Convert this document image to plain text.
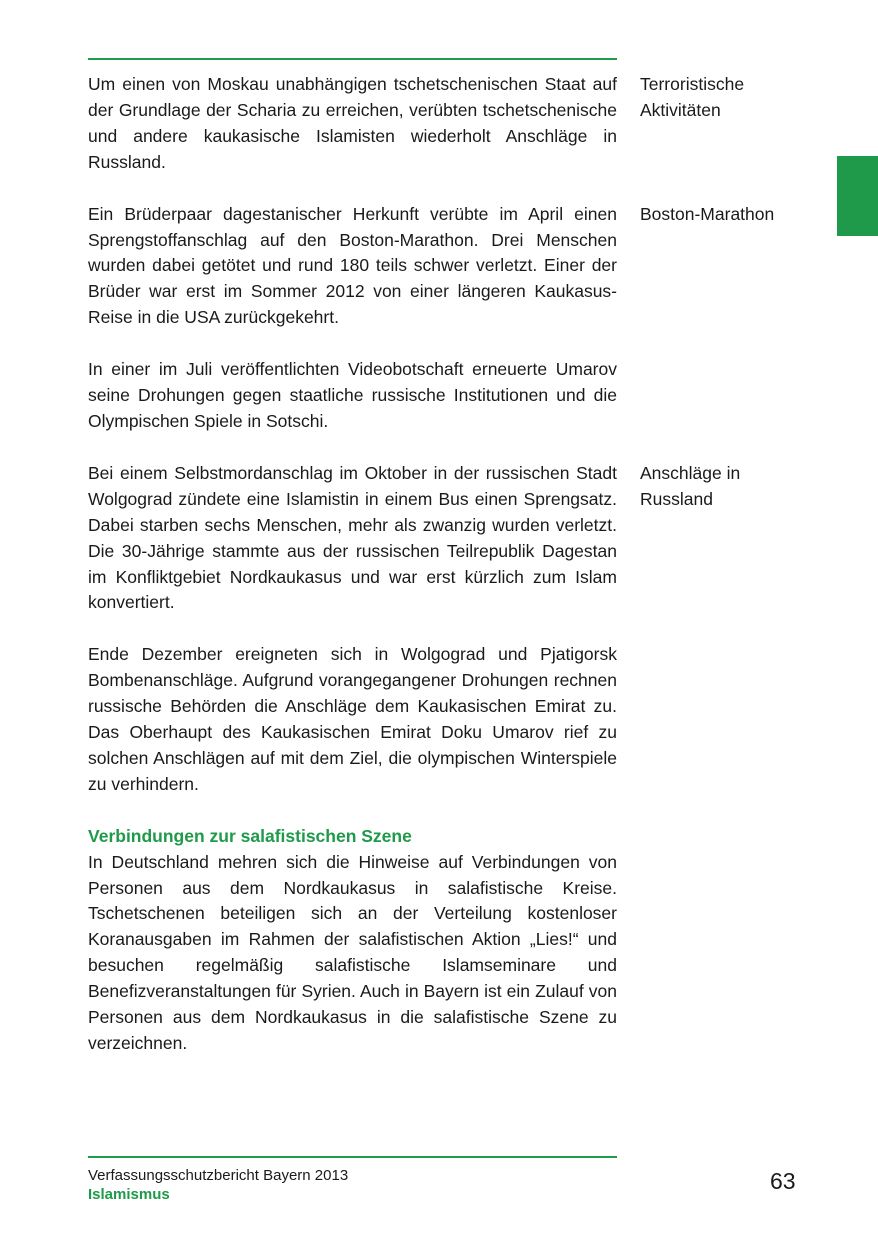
Um einen von Moskau unabhängigen tschetschenischen Staat auf der Grundlage der Scharia zu erreichen, verübten tschetschenische und andere kaukasische Islamisten wiederholt Anschläge in Russland.

Ein Brüderpaar dagestanischer Herkunft verübte im April einen Sprengstoffanschlag auf den Boston-Marathon. Drei Menschen wurden dabei getötet und rund 180 teils schwer verletzt. Einer der Brüder war erst im Sommer 2012 von einer längeren Kaukasus-Reise in die USA zurückgekehrt.

In einer im Juli veröffentlichten Videobotschaft erneuerte Umarov seine Drohungen gegen staatliche russische Institutionen und die Olympischen Spiele in Sotschi.

Bei einem Selbstmordanschlag im Oktober in der russischen Stadt Wolgograd zündete eine Islamistin in einem Bus einen Sprengsatz. Dabei starben sechs Menschen, mehr als zwanzig wurden verletzt. Die 30-Jährige stammte aus der russischen Teilrepublik Dagestan im Konfliktgebiet Nordkaukasus und war erst kürzlich zum Islam konvertiert.

Ende Dezember ereigneten sich in Wolgograd und Pjatigorsk Bombenanschläge. Aufgrund vorangegangener Drohungen rechnen russische Behörden die Anschläge dem Kaukasischen Emirat zu. Das Oberhaupt des Kaukasischen Emirat Doku Umarov rief zu solchen Anschlägen auf mit dem Ziel, die olympischen Winterspiele zu verhindern.

Verbindungen zur salafistischen Szene

In Deutschland mehren sich die Hinweise auf Verbindungen von Personen aus dem Nordkaukasus in salafistische Kreise. Tschetschenen beteiligen sich an der Verteilung kostenloser Koranausgaben im Rahmen der salafistischen Aktion „Lies!“ und besuchen regelmäßig salafistische Islamseminare und Benefizveranstaltungen für Syrien. Auch in Bayern ist ein Zulauf von Personen aus dem Nordkaukasus in die salafistische Szene zu verzeichnen.

Terroristische Aktivitäten

Boston-Marathon

Anschläge in Russland

Verfassungsschutzbericht Bayern 2013
Islamismus
63
